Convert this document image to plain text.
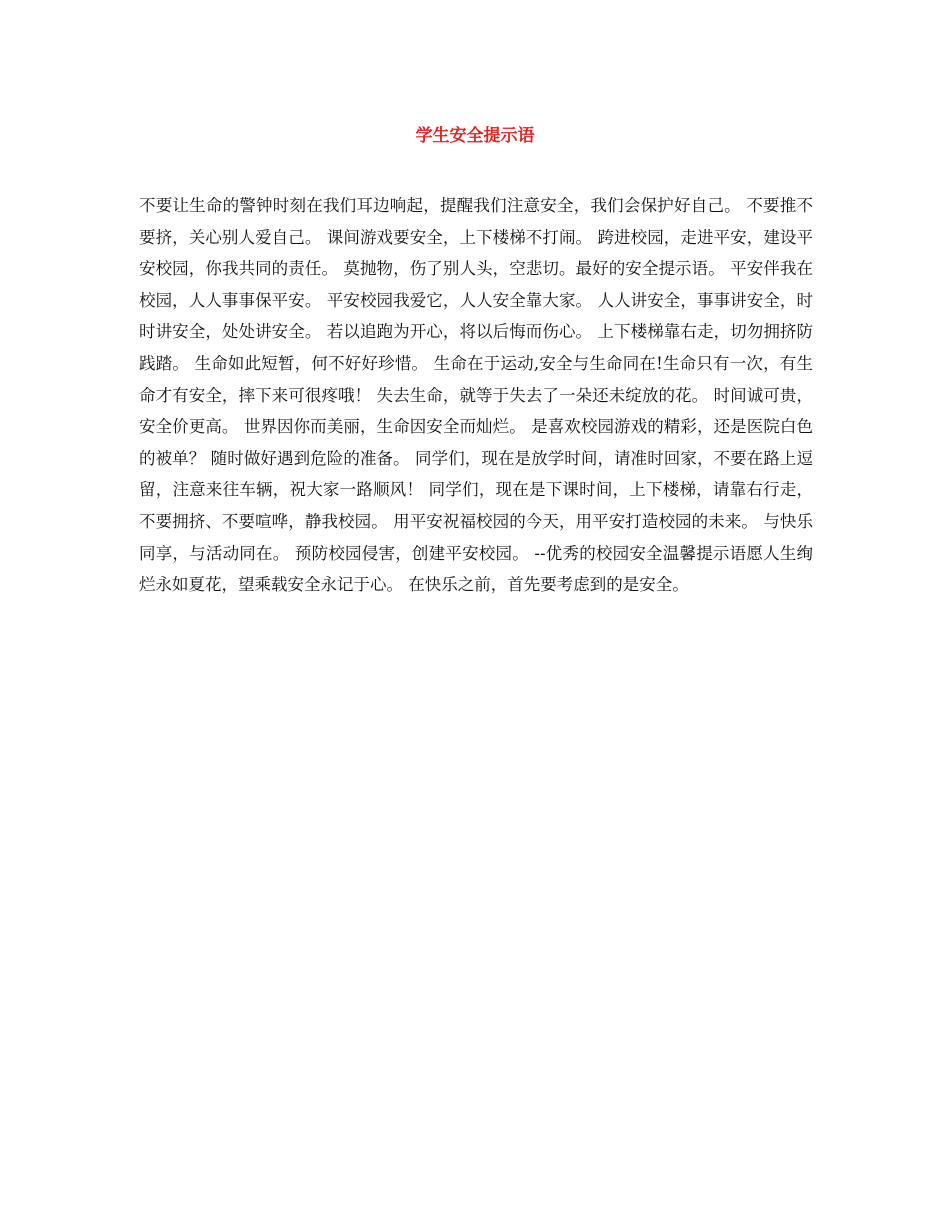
学生安全提示语

不要让生命的警钟时刻在我们耳边响起，提醒我们注意安全，我们会保护好自己。 不要推不要挤，关心别人爱自己。 课间游戏要安全，上下楼梯不打闹。 跨进校园，走进平安，建设平安校园，你我共同的责任。 莫抛物，伤了别人头，空悲切。最好的安全提示语。 平安伴我在校园，人人事事保平安。 平安校园我爱它，人人安全靠大家。 人人讲安全，事事讲安全，时时讲安全，处处讲安全。 若以追跑为开心，将以后悔而伤心。 上下楼梯靠右走，切勿拥挤防践踏。 生命如此短暂，何不好好珍惜。 生命在于运动,安全与生命同在!生命只有一次，有生命才有安全，摔下来可很疼哦！ 失去生命，就等于失去了一朵还未绽放的花。 时间诚可贵，安全价更高。 世界因你而美丽，生命因安全而灿烂。 是喜欢校园游戏的精彩，还是医院白色的被单？ 随时做好遇到危险的准备。 同学们，现在是放学时间，请准时回家，不要在路上逗留，注意来往车辆，祝大家一路顺风！ 同学们，现在是下课时间，上下楼梯，请靠右行走，不要拥挤、不要喧哗，静我校园。 用平安祝福校园的今天，用平安打造校园的未来。 与快乐同享，与活动同在。 预防校园侵害，创建平安校园。 --优秀的校园安全温馨提示语愿人生绚烂永如夏花，望乘载安全永记于心。 在快乐之前，首先要考虑到的是安全。
